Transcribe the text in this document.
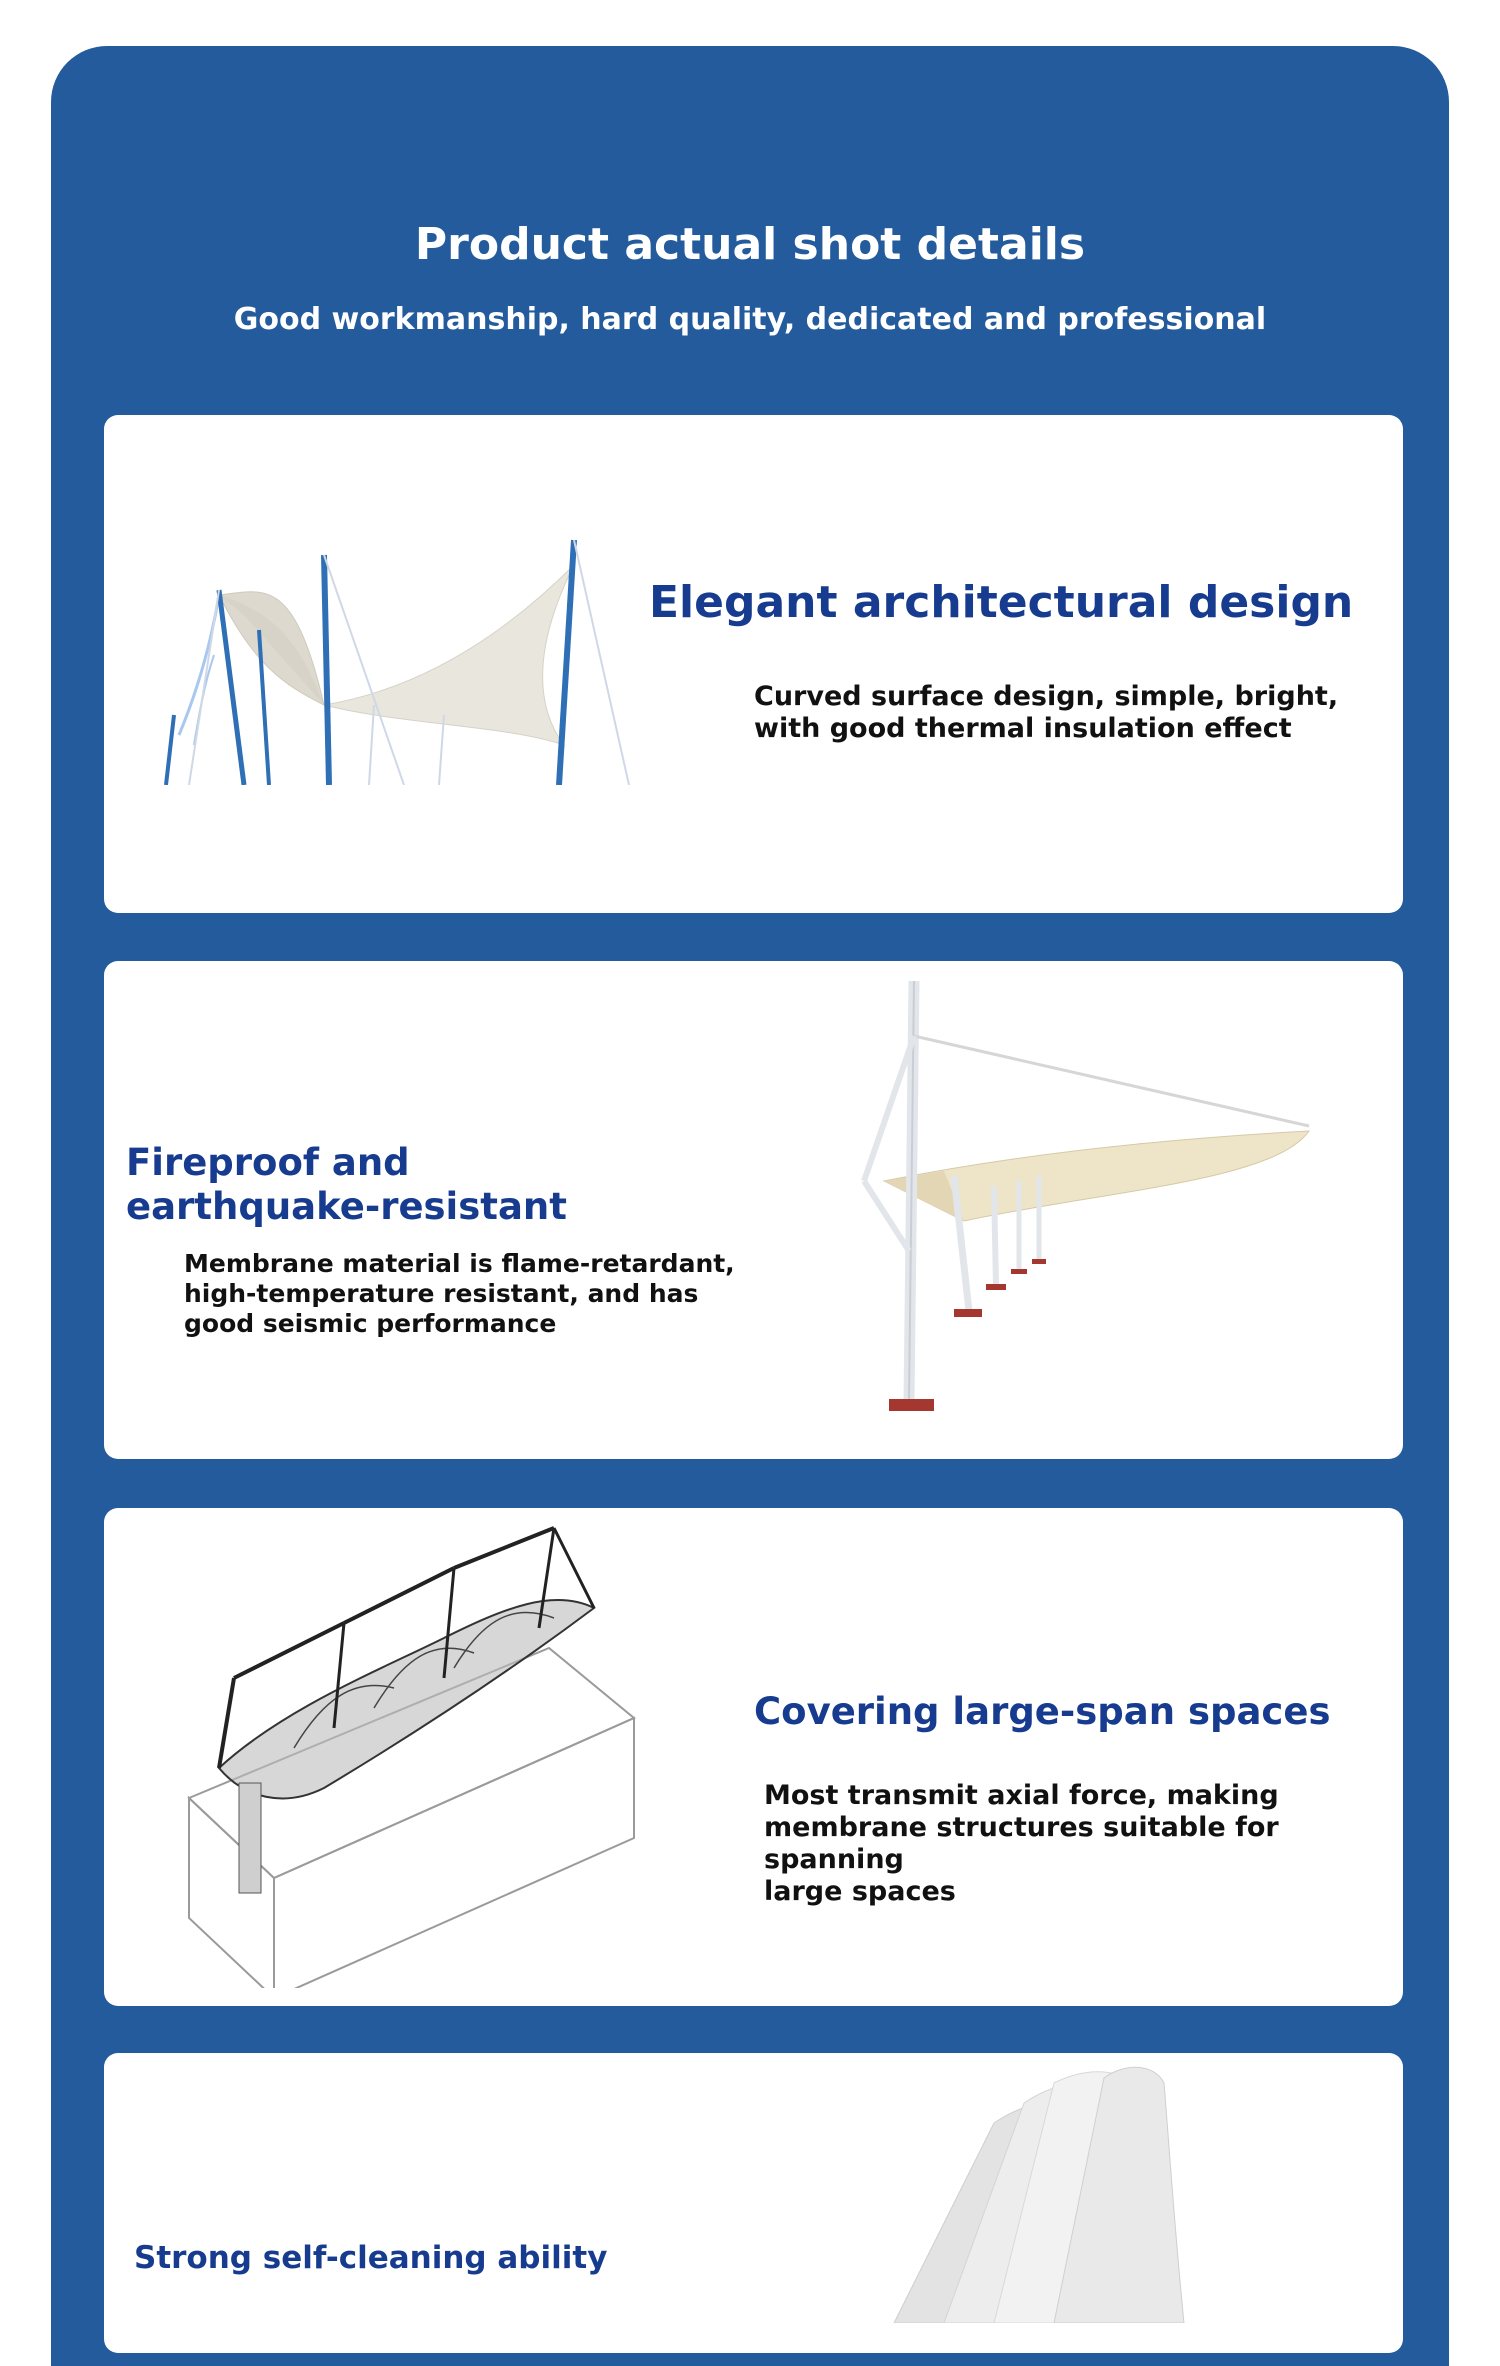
Product actual shot details
Good workmanship, hard quality, dedicated and professional
Elegant architectural design

Curved surface design, simple, bright,
with good thermal insulation effect

Fireproof and
earthquake-resistant

Membrane material is flame-retardant,
high-temperature resistant, and has
good seismic performance

Covering large-span spaces

Most transmit axial force, making
membrane structures suitable for spanning
large spaces

Strong self-cleaning ability
